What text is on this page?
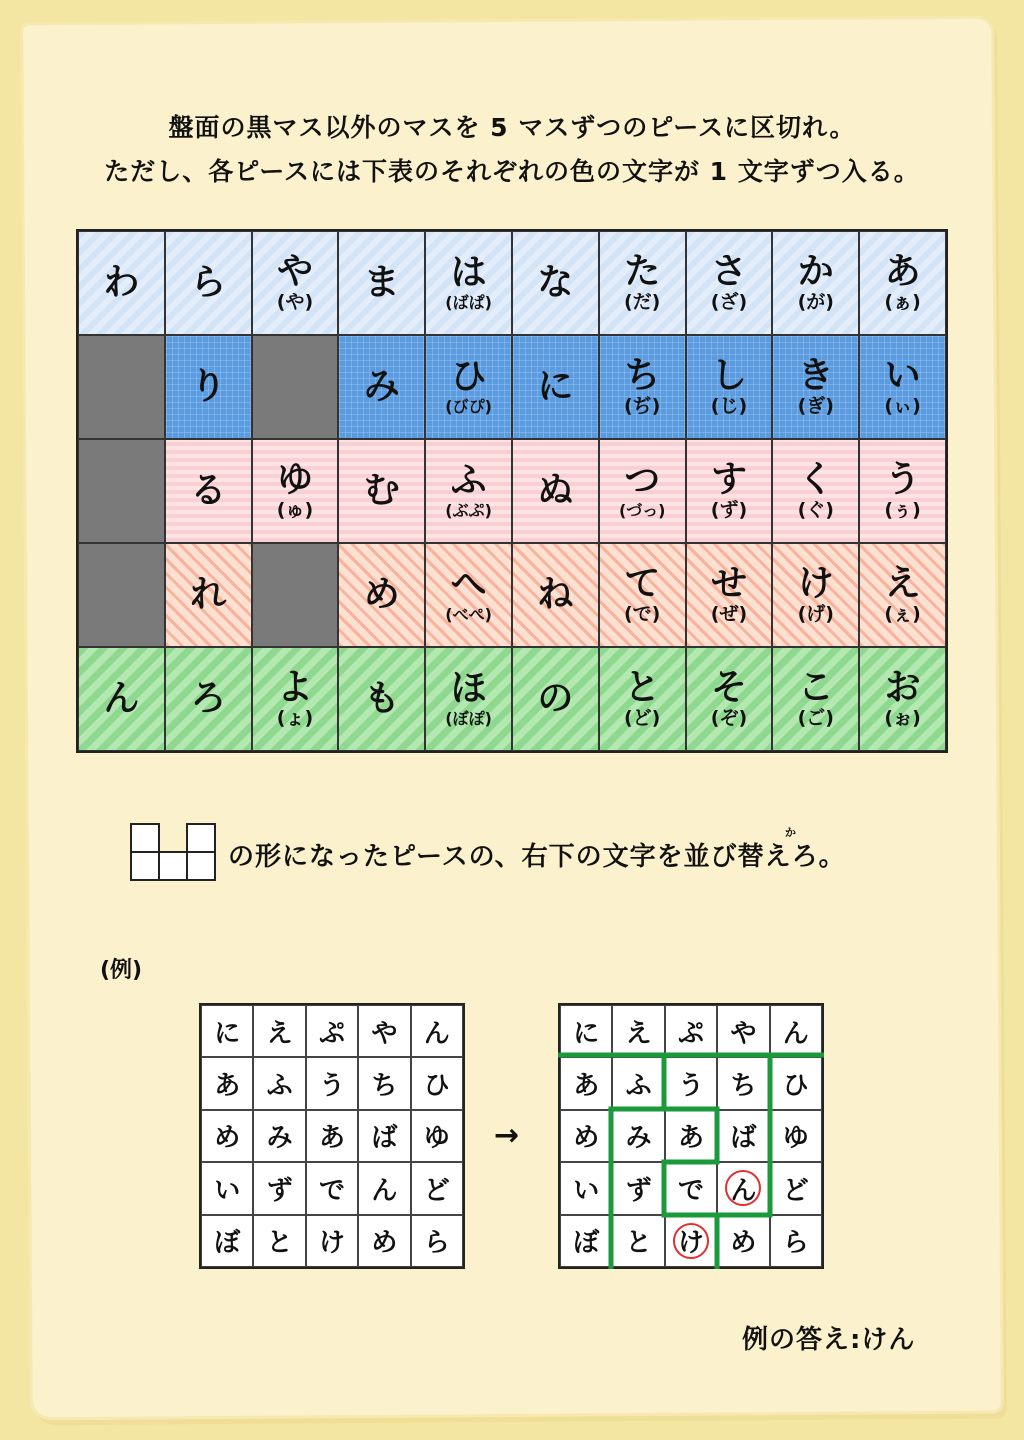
盤面の黒マス以外のマスを 5 マスずつのピースに区切れ。
ただし、各ピースには下表のそれぞれの色の文字が 1 文字ずつ入る。
わ ら や
(や) ま は
(ばぱ) な た
(だ)
さ
(ざ)
か
(が)
あ
(ぁ)
り	み ひ
(びぴ) に ち
(ぢ)
し
(じ)
き
(ぎ)
い
(ぃ)
る ゆ
(ゅ) む ふ
(ぶぷ) ぬ つ
(づっ)
す
(ず)
く
(ぐ)
う
(ぅ)
れ	め へ
(べぺ) ね て
(で)
せ
(ぜ)
け
(げ)
え
(ぇ)
ん ろ よ
(ょ) も ほ
(ぼぽ) の と
(ど)
そ
(ぞ)
こ
(ご)
お
(ぉ)
の形になったピースの、右下の文字を並び替えろ。
か
(例)
に え ぷ や ん
あ ふ う ち ひ
め み あ ば ゆ
い ず で ん ど
ぼ と け め ら
→
に え ぷ や ん
あ ふ う ち ひ
め み あ ば ゆ
い ず で ん ど
ぼ と け め ら
例の答え:けん
